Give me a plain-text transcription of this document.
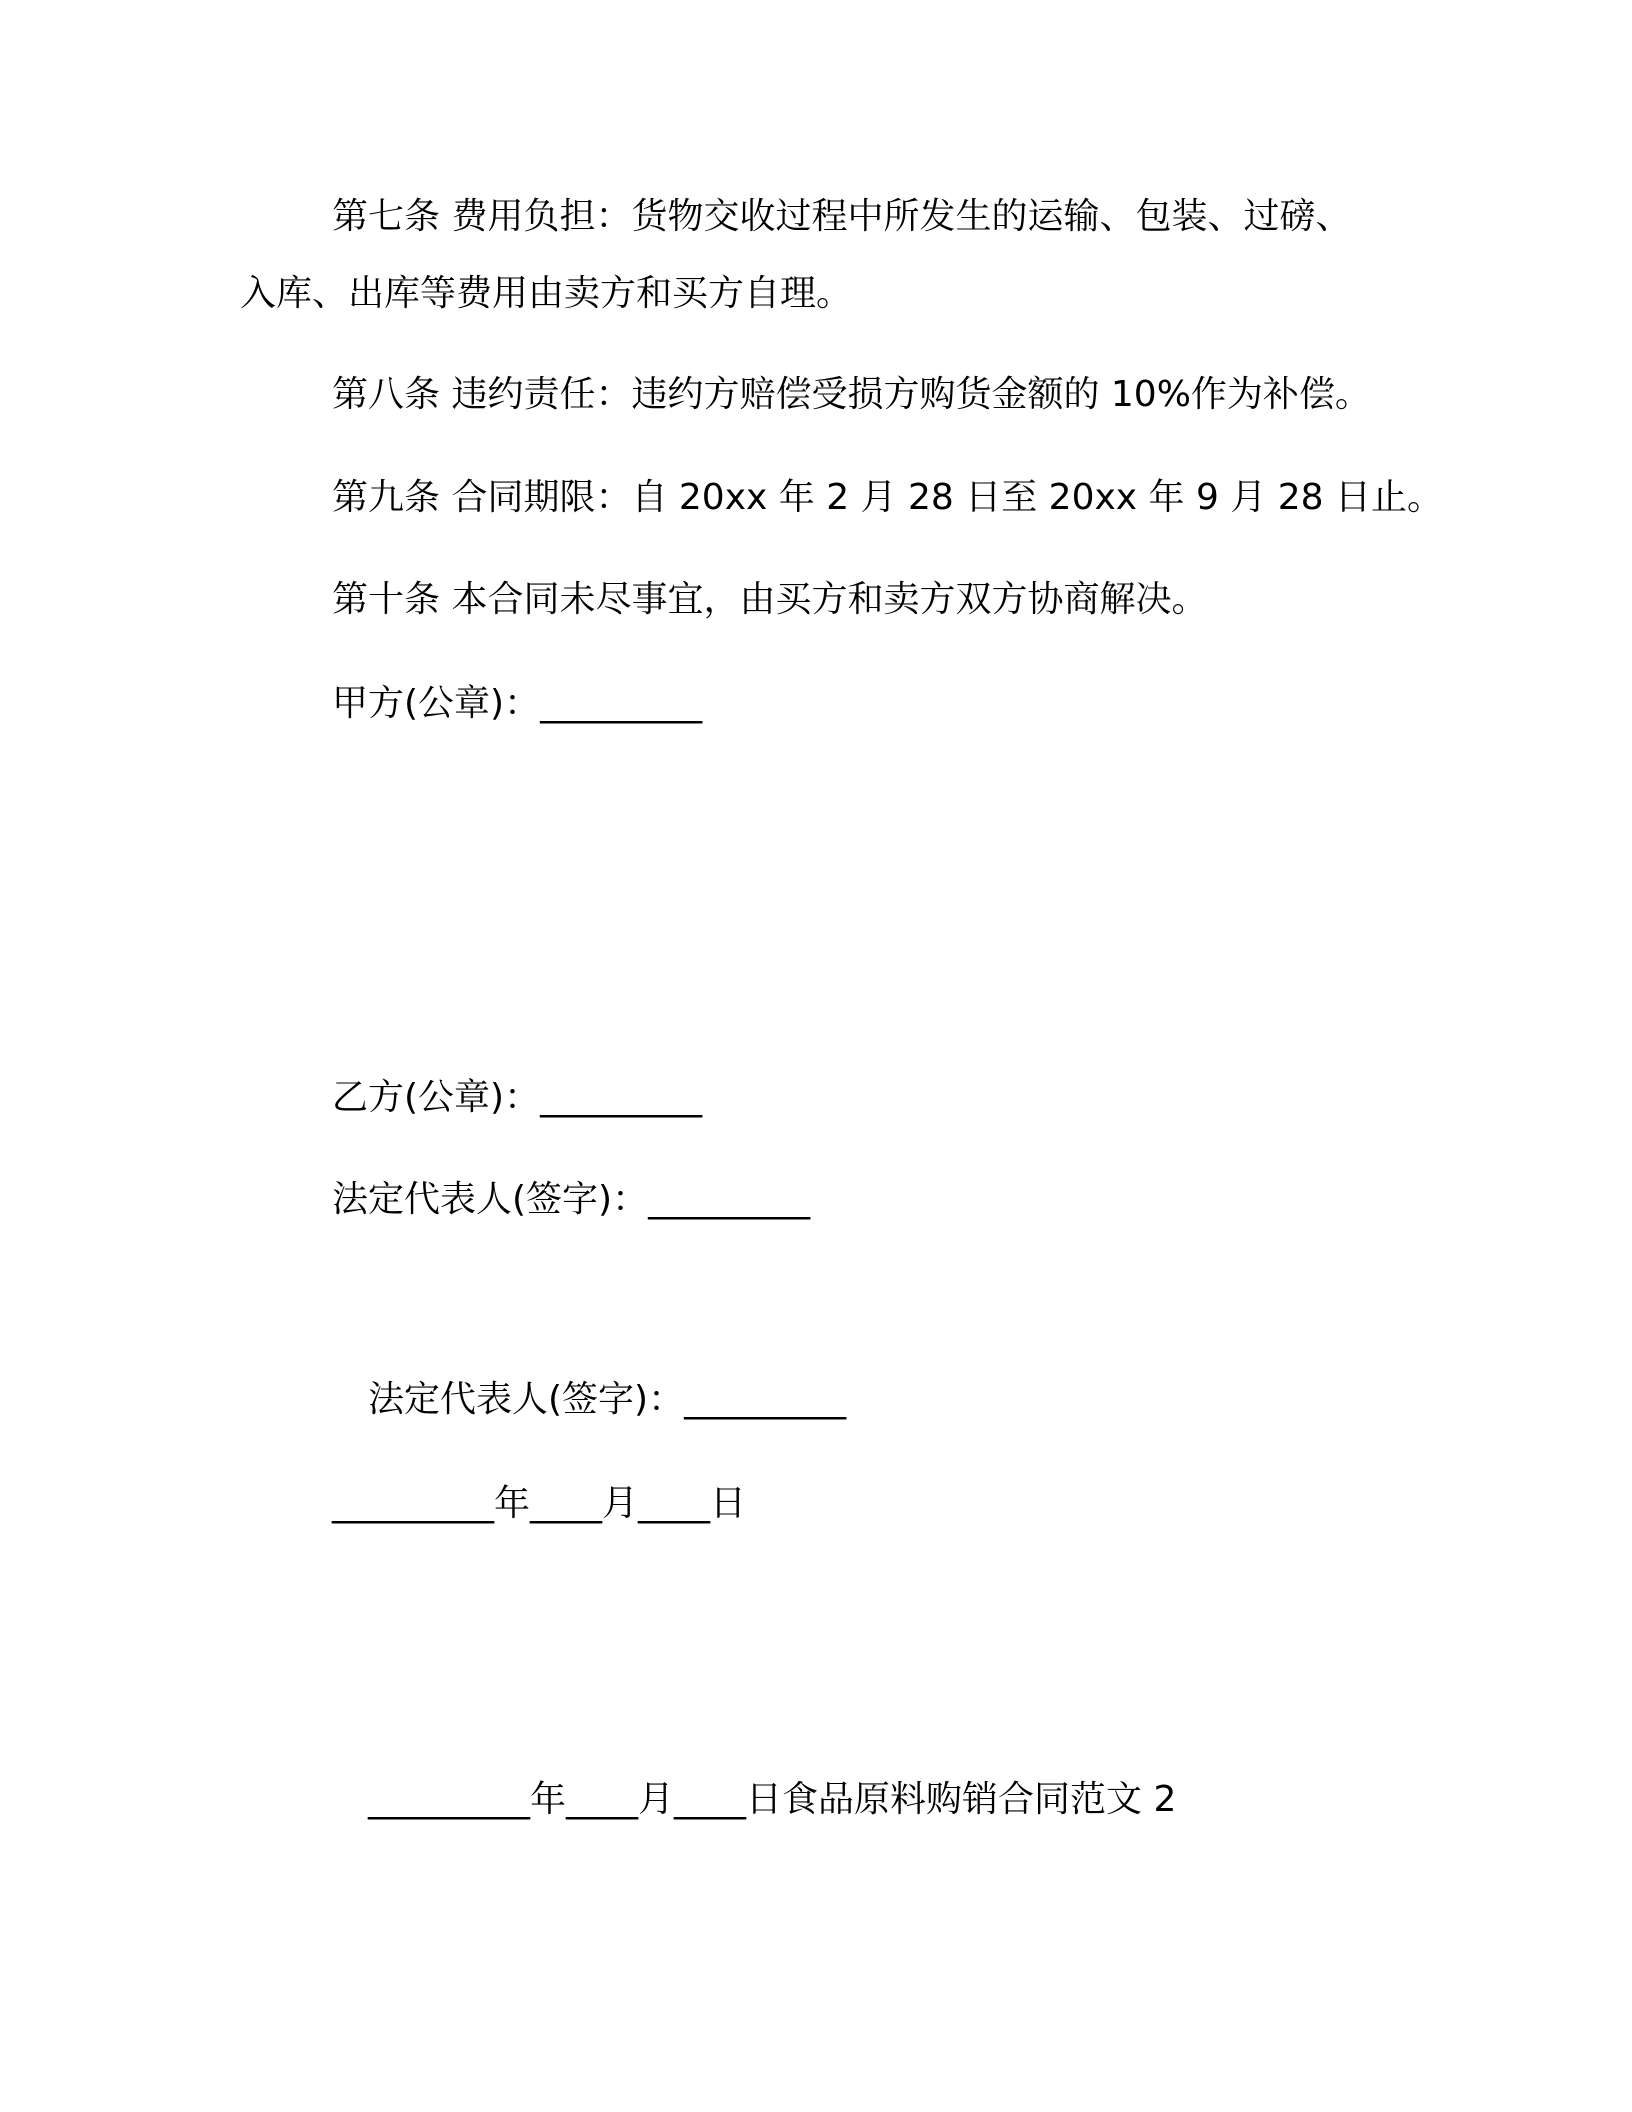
第七条 费用负担：货物交收过程中所发生的运输、包装、过磅、
入库、出库等费用由卖方和买方自理。
第八条 违约责任：违约方赔偿受损方购货金额的 10%作为补偿。
第九条 合同期限：自 20xx 年 2 月 28 日至 20xx 年 9 月 28 日止。
第十条 本合同未尽事宜，由买方和卖方双方协商解决。
甲方(公章)：_________
乙方(公章)：_________
法定代表人(签字)：_________
法定代表人(签字)：_________
_________年____月____日
_________年____月____日食品原料购销合同范文 2
